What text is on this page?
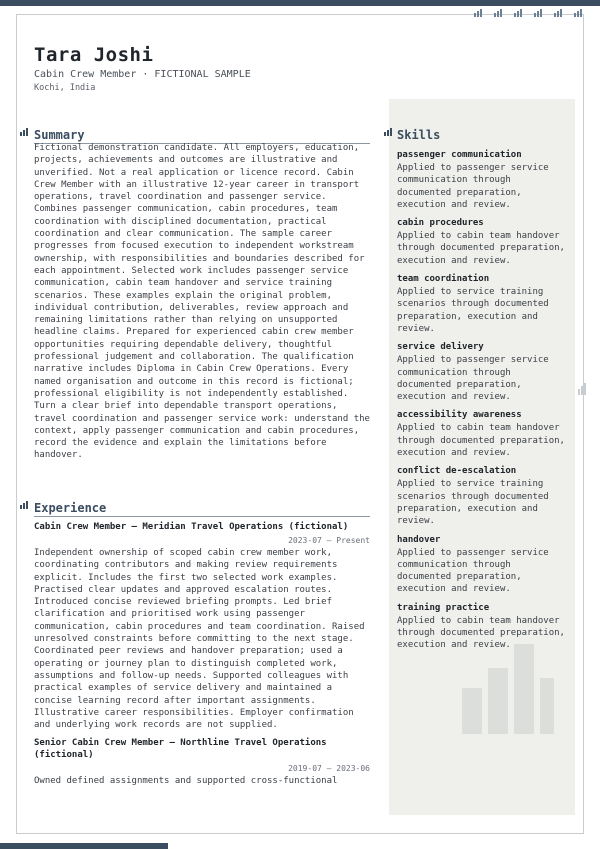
Tara Joshi
Cabin Crew Member · FICTIONAL SAMPLE
Kochi, India
Summary
Fictional demonstration candidate. All employers, education, projects, achievements and outcomes are illustrative and unverified. Not a real application or licence record. Cabin Crew Member with an illustrative 12-year career in transport operations, travel coordination and passenger service. Combines passenger communication, cabin procedures, team coordination with disciplined documentation, practical coordination and clear communication. The sample career progresses from focused execution to independent workstream ownership, with responsibilities and boundaries described for each appointment. Selected work includes passenger service communication, cabin team handover and service training scenarios. These examples explain the original problem, individual contribution, deliverables, review approach and remaining limitations rather than relying on unsupported headline claims. Prepared for experienced cabin crew member opportunities requiring dependable delivery, thoughtful professional judgement and collaboration. The qualification narrative includes Diploma in Cabin Crew Operations. Every named organisation and outcome in this record is fictional; professional eligibility is not independently established. Turn a clear brief into dependable transport operations, travel coordination and passenger service work: understand the context, apply passenger communication and cabin procedures, record the evidence and explain the limitations before handover.
Experience
Cabin Crew Member — Meridian Travel Operations (fictional)
2023-07 – Present
Independent ownership of scoped cabin crew member work, coordinating contributors and making review requirements explicit. Includes the first two selected work examples. Practised clear updates and approved escalation routes. Introduced concise reviewed briefing prompts. Led brief clarification and prioritised work using passenger communication, cabin procedures and team coordination. Raised unresolved constraints before committing to the next stage. Coordinated peer reviews and handover preparation; used a operating or journey plan to distinguish completed work, assumptions and follow-up needs. Supported colleagues with practical examples of service delivery and maintained a concise learning record after important assignments. Illustrative career responsibilities. Employer confirmation and underlying work records are not supplied.
Senior Cabin Crew Member — Northline Travel Operations (fictional)
2019-07 – 2023-06
Owned defined assignments and supported cross-functional
Skills
passenger communication
Applied to passenger service communication through documented preparation, execution and review.
cabin procedures
Applied to cabin team handover through documented preparation, execution and review.
team coordination
Applied to service training scenarios through documented preparation, execution and review.
service delivery
Applied to passenger service communication through documented preparation, execution and review.
accessibility awareness
Applied to cabin team handover through documented preparation, execution and review.
conflict de-escalation
Applied to service training scenarios through documented preparation, execution and review.
handover
Applied to passenger service communication through documented preparation, execution and review.
training practice
Applied to cabin team handover through documented preparation, execution and review.
